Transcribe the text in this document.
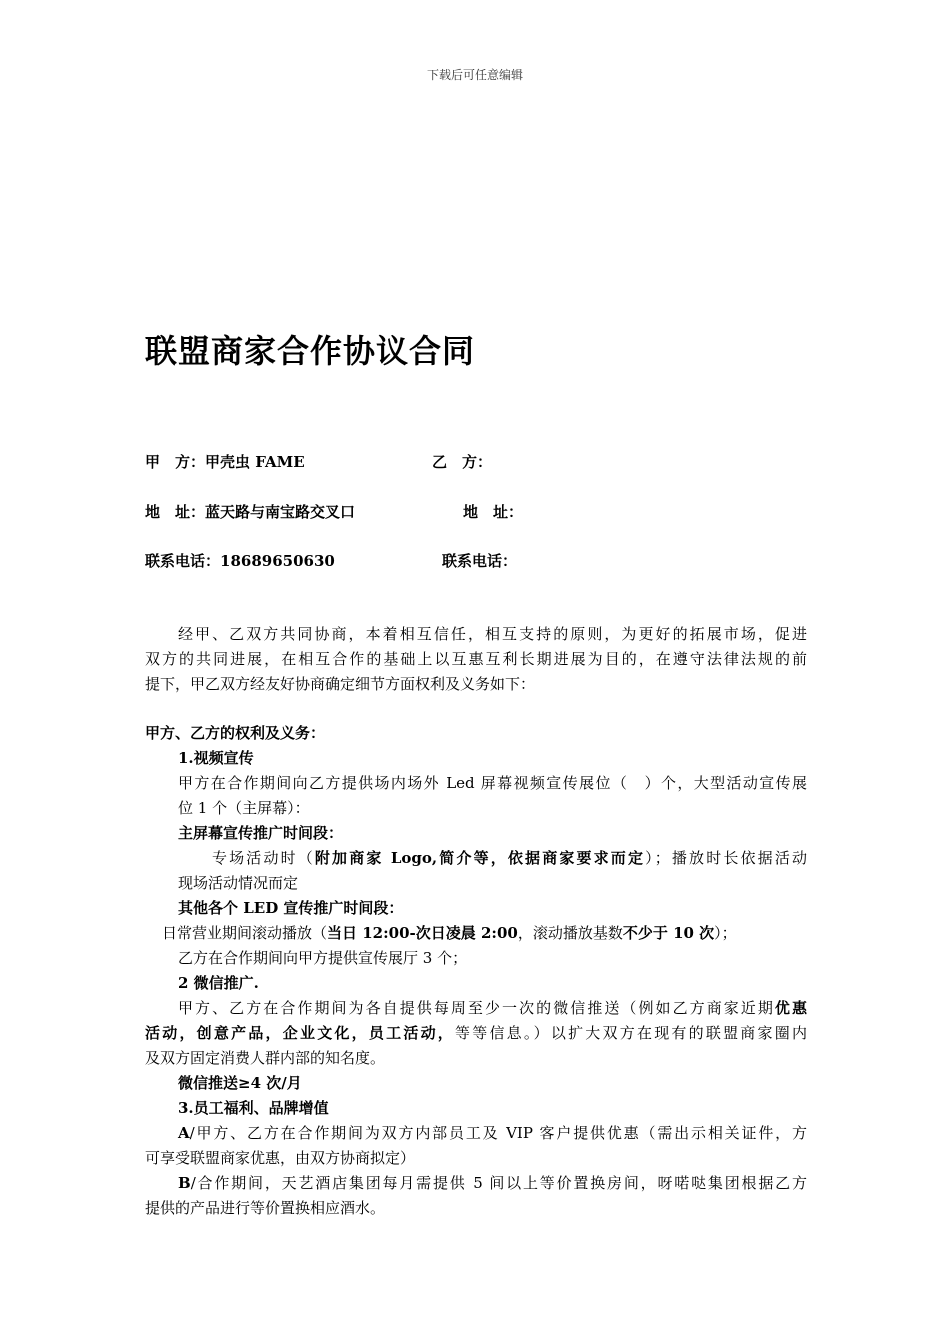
下载后可任意编辑
联盟商家合作协议合同
甲　方：甲壳虫 FAME	乙　方：
地　址：蓝天路与南宝路交叉口	地　址：
联系电话：18689650630	联系电话：
经甲、乙双方共同协商，本着相互信任，相互支持的原则，为更好的拓展市场，促进
双方的共同进展，在相互合作的基础上以互惠互利长期进展为目的，在遵守法律法规的前
提下，甲乙双方经友好协商确定细节方面权利及义务如下：
甲方、乙方的权利及义务：
1.视频宣传
甲方在合作期间向乙方提供场内场外 Led 屏幕视频宣传展位（　）个，大型活动宣传展
位 1 个（主屏幕）：
主屏幕宣传推广时间段：
专场活动时（附加商家 Logo,简介等，依据商家要求而定）；播放时长依据活动
现场活动情况而定
其他各个 LED 宣传推广时间段：
日常营业期间滚动播放（当日 12:00-次日凌晨 2:00，滚动播放基数不少于 10 次）；
乙方在合作期间向甲方提供宣传展厅 3 个；
2 微信推广.
甲方、乙方在合作期间为各自提供每周至少一次的微信推送（例如乙方商家近期优惠
活动，创意产品，企业文化，员工活动，等等信息。）以扩大双方在现有的联盟商家圈内
及双方固定消费人群内部的知名度。
微信推送≥4 次/月
3.员工福利、品牌增值
A/甲方、乙方在合作期间为双方内部员工及 VIP 客户提供优惠（需出示相关证件，方
可享受联盟商家优惠，由双方协商拟定）
B/合作期间，天艺酒店集团每月需提供 5 间以上等价置换房间，呀喏哒集团根据乙方
提供的产品进行等价置换相应酒水。
